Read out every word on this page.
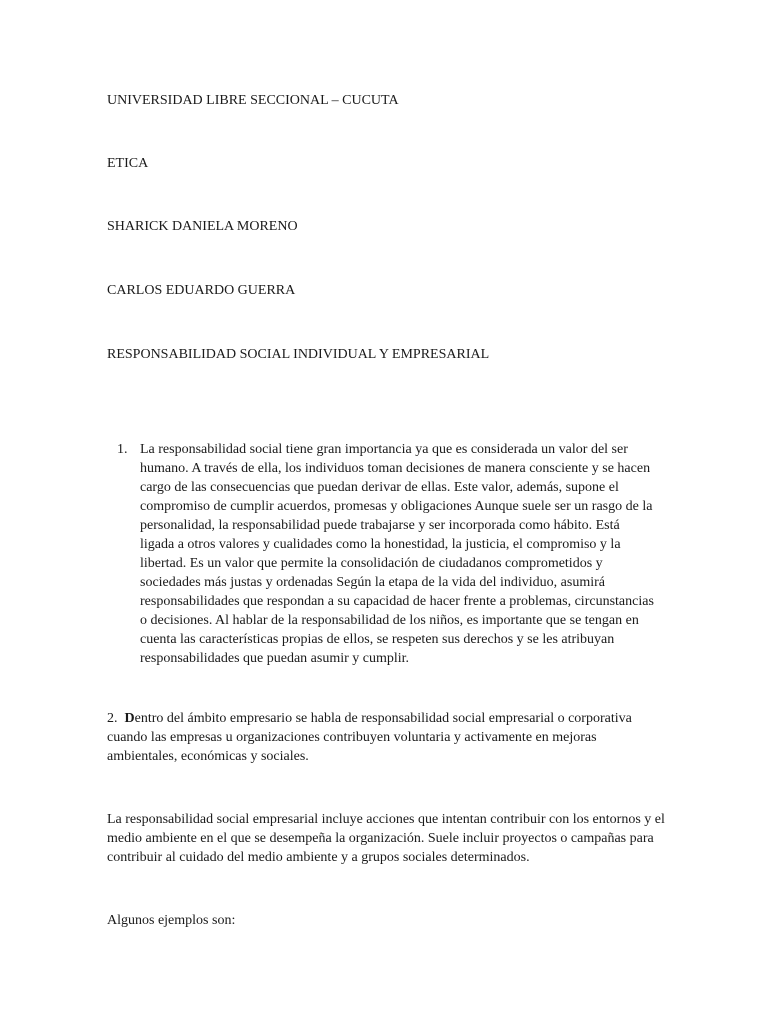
UNIVERSIDAD LIBRE SECCIONAL – CUCUTA
ETICA
SHARICK DANIELA MORENO
CARLOS EDUARDO GUERRA
RESPONSABILIDAD SOCIAL INDIVIDUAL Y EMPRESARIAL
1. La responsabilidad social tiene gran importancia ya que es considerada un valor del ser humano. A través de ella, los individuos toman decisiones de manera consciente y se hacen cargo de las consecuencias que puedan derivar de ellas. Este valor, además, supone el compromiso de cumplir acuerdos, promesas y obligaciones Aunque suele ser un rasgo de la personalidad, la responsabilidad puede trabajarse y ser incorporada como hábito. Está ligada a otros valores y cualidades como la honestidad, la justicia, el compromiso y la libertad. Es un valor que permite la consolidación de ciudadanos comprometidos y sociedades más justas y ordenadas Según la etapa de la vida del individuo, asumirá responsabilidades que respondan a su capacidad de hacer frente a problemas, circunstancias o decisiones. Al hablar de la responsabilidad de los niños, es importante que se tengan en cuenta las características propias de ellos, se respeten sus derechos y se les atribuyan responsabilidades que puedan asumir y cumplir.
2. Dentro del ámbito empresario se habla de responsabilidad social empresarial o corporativa cuando las empresas u organizaciones contribuyen voluntaria y activamente en mejoras ambientales, económicas y sociales.
La responsabilidad social empresarial incluye acciones que intentan contribuir con los entornos y el medio ambiente en el que se desempeña la organización. Suele incluir proyectos o campañas para contribuir al cuidado del medio ambiente y a grupos sociales determinados.
Algunos ejemplos son:
